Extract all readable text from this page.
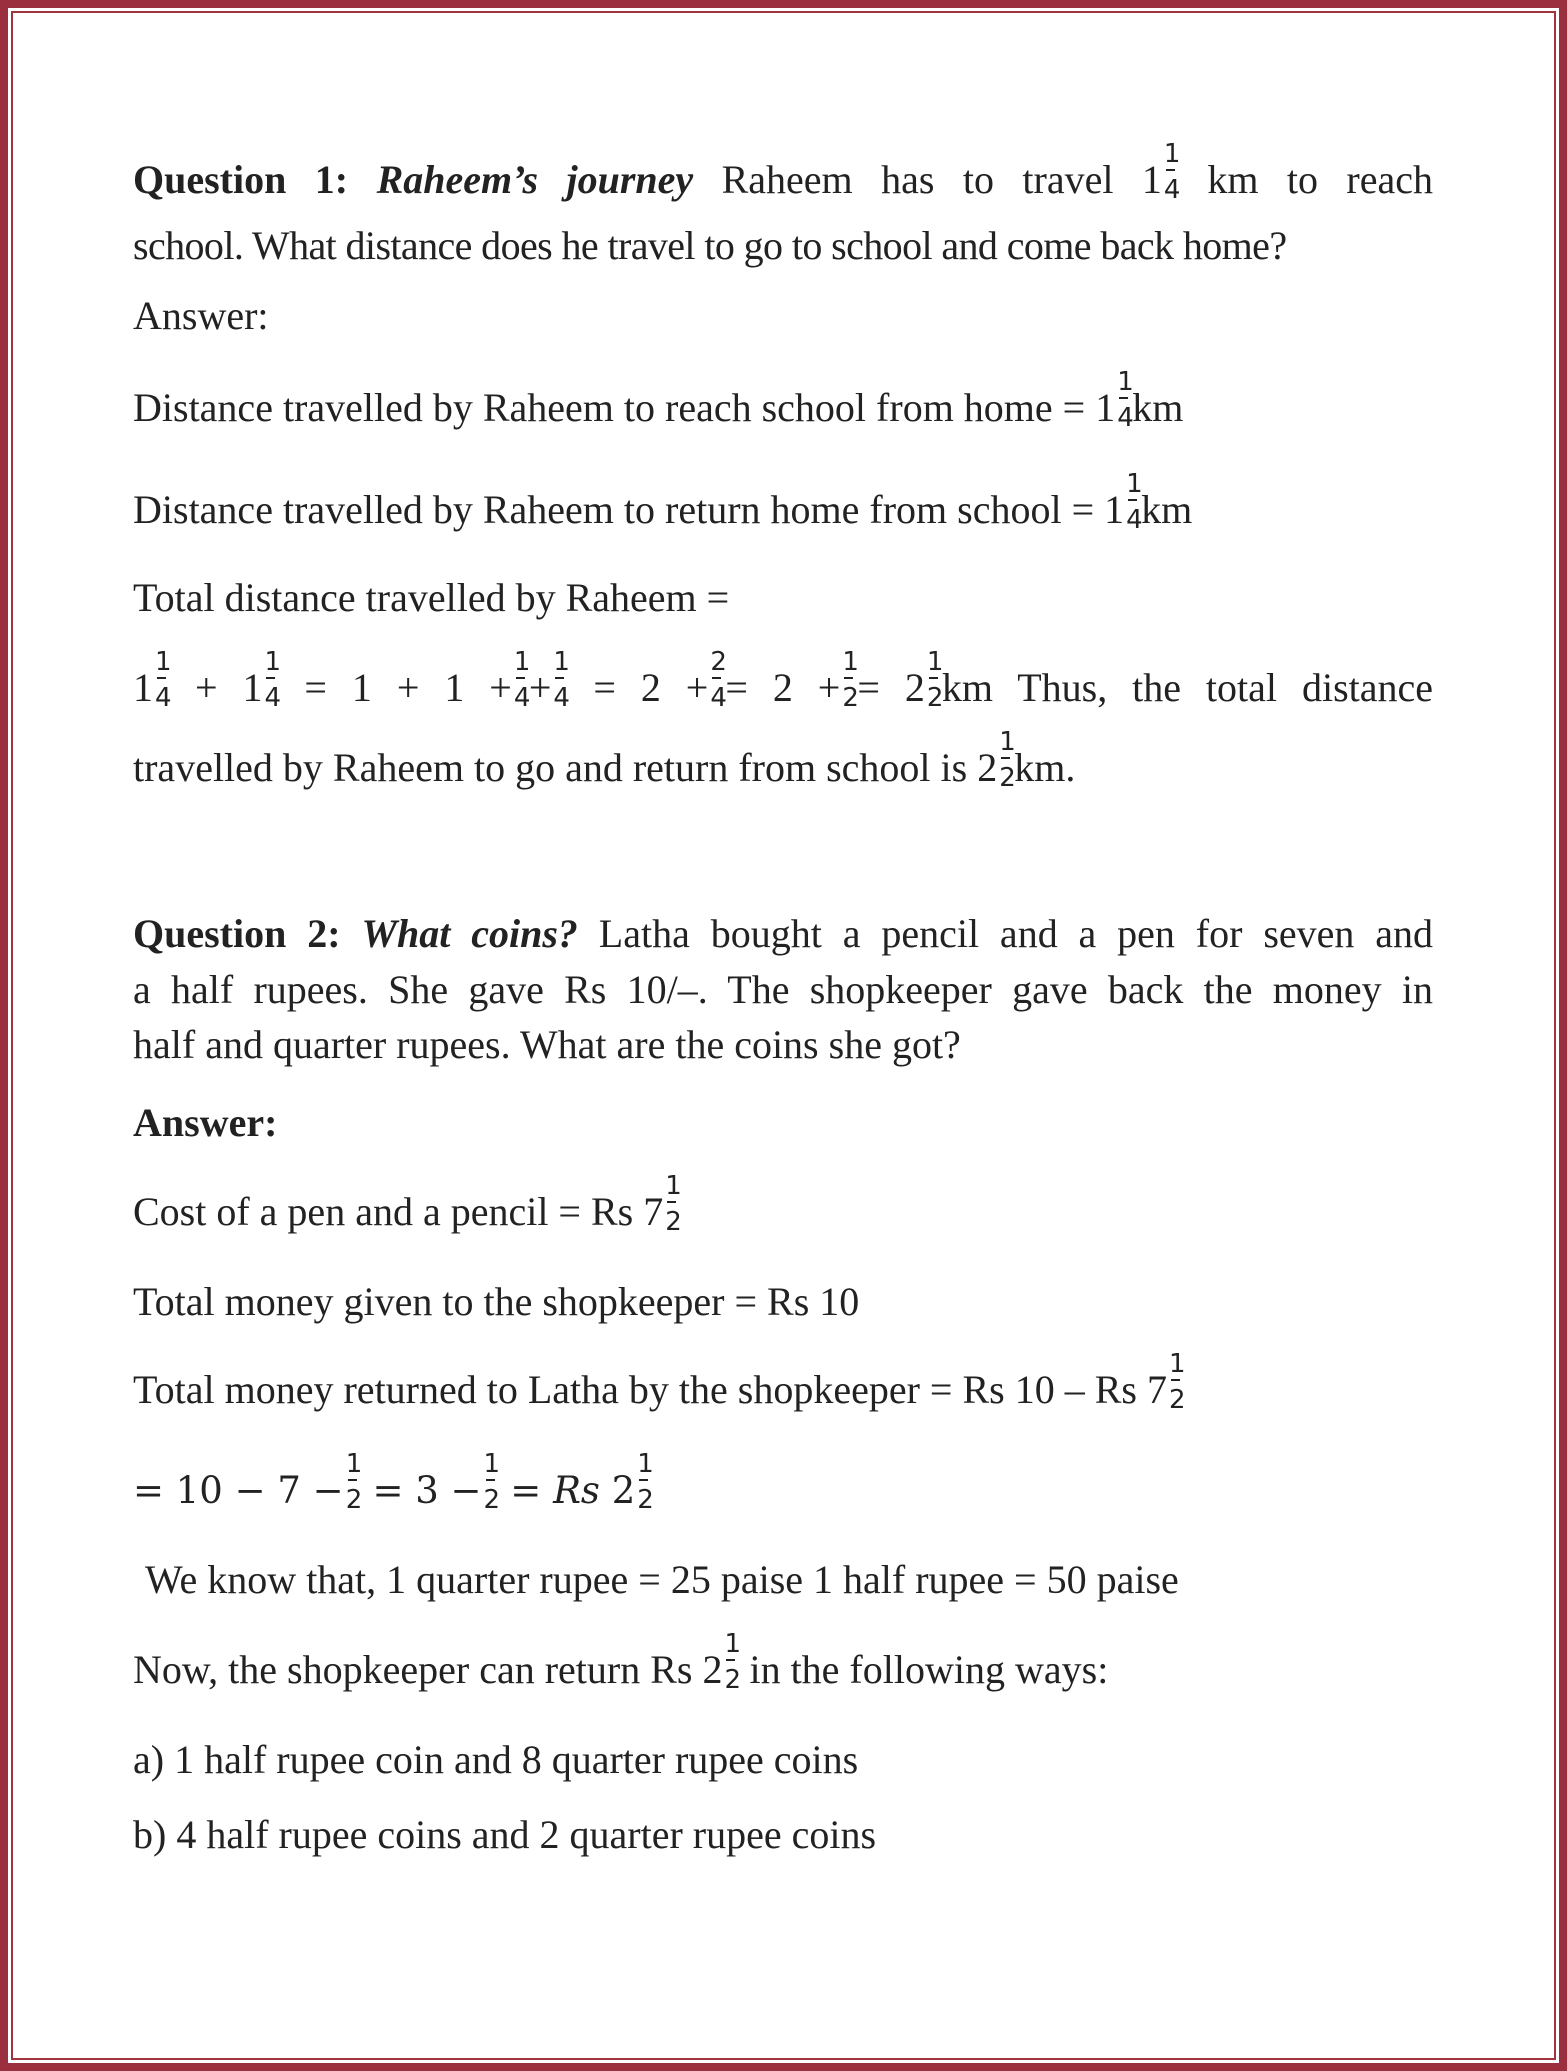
Question 1: Raheem’s journey Raheem has to travel $1 \frac{1}{4}$ km to reach
school. What distance does he travel to go to school and come back home?
Answer:
Distance travelled by Raheem to reach school from home = $1 \frac{1}{4}$ km
Distance travelled by Raheem to return home from school = $1 \frac{1}{4}$ km
Total distance travelled by Raheem =
$1 \frac{1}{4} + 1 \frac{1}{4} = 1 + 1 + \frac{1}{4} + \frac{1}{4} = 2 + \frac{2}{4} = 2 + \frac{1}{2} = 2 \frac{1}{2}$ km Thus, the total distance
travelled by Raheem to go and return from school is $2 \frac{1}{2}$ km.
Question 2: What coins? Latha bought a pencil and a pen for seven and
a half rupees. She gave Rs 10/–. The shopkeeper gave back the money in
half and quarter rupees. What are the coins she got?
Answer:
Cost of a pen and a pencil = Rs $7 \frac{1}{2}$
Total money given to the shopkeeper = Rs 10
Total money returned to Latha by the shopkeeper = Rs 10 – Rs $7 \frac{1}{2}$
= $10 - 7 - \frac{1}{2} = 3 - \frac{1}{2} = Rs$ $2 \frac{1}{2}$
We know that, 1 quarter rupee = 25 paise 1 half rupee = 50 paise
Now, the shopkeeper can return Rs $2 \frac{1}{2}$ in the following ways:
a) 1 half rupee coin and 8 quarter rupee coins
b) 4 half rupee coins and 2 quarter rupee coins
